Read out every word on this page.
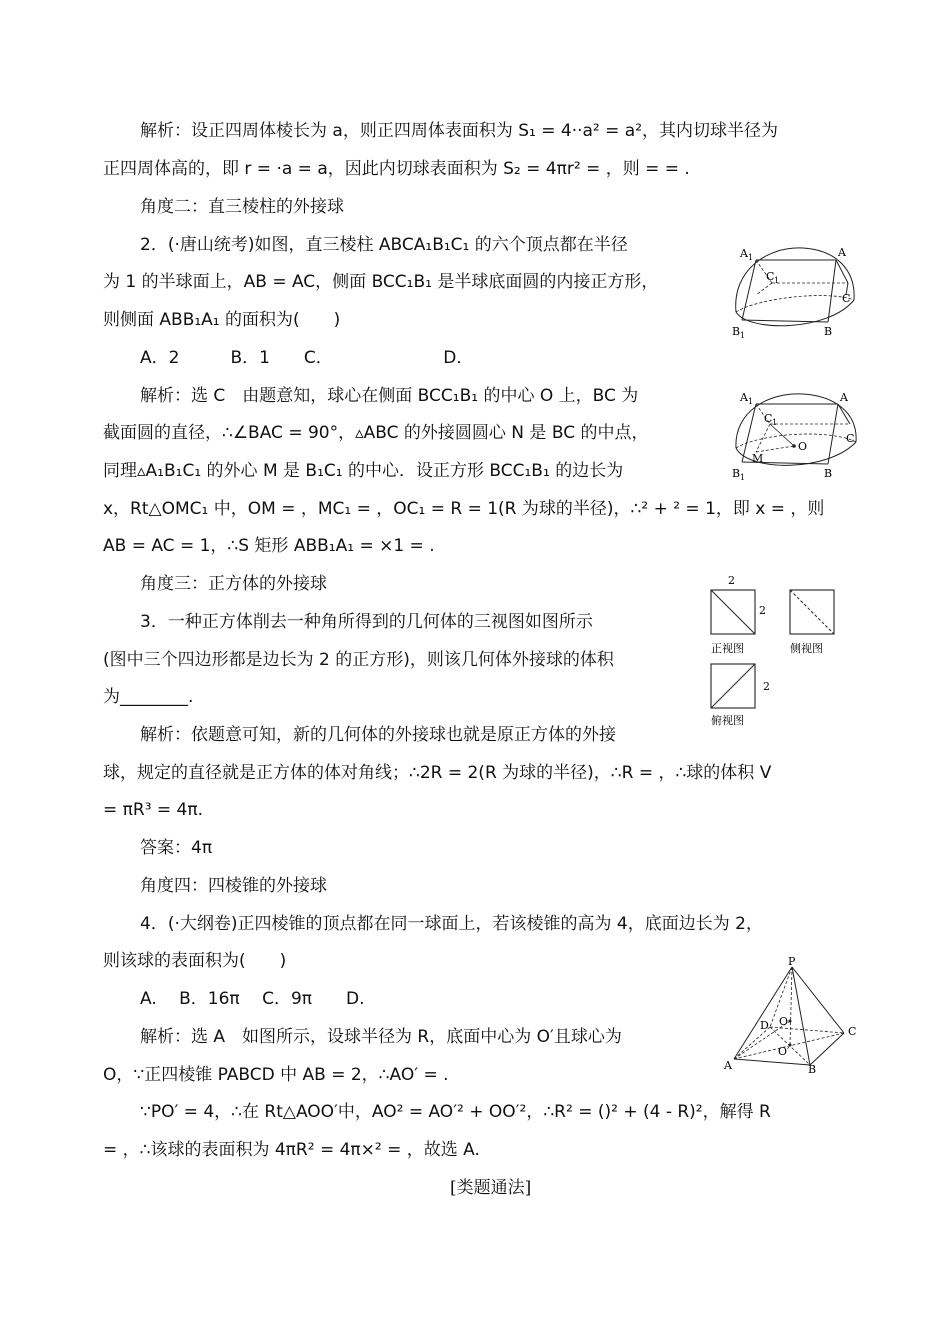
解析：设正四周体棱长为 a，则正四周体表面积为 S₁ = 4··a² = a²，其内切球半径为
正四周体高的，即 r = ·a = a，因此内切球表面积为 S₂ = 4πr² = ，则 = = .
角度二：直三棱柱的外接球
2．(·唐山统考)如图，直三棱柱 ABCA₁B₁C₁ 的六个顶点都在半径
为 1 的半球面上，AB = AC，侧面 BCC₁B₁ 是半球底面圆的内接正方形，
则侧面 ABB₁A₁ 的面积为(　　)
A．2　　　B．1　　C．　　　　　　　D．
解析：选 C　由题意知，球心在侧面 BCC₁B₁ 的中心 O 上，BC 为
截面圆的直径，∴∠BAC = 90°，▵ABC 的外接圆圆心 N 是 BC 的中点，
同理▵A₁B₁C₁ 的外心 M 是 B₁C₁ 的中心．设正方形 BCC₁B₁ 的边长为
x，Rt△OMC₁ 中，OM = ，MC₁ = ，OC₁ = R = 1(R 为球的半径)，∴² + ² = 1，即 x = ，则
AB = AC = 1，∴S 矩形 ABB₁A₁ = ×1 = .
角度三：正方体的外接球
3．一种正方体削去一种角所得到的几何体的三视图如图所示
(图中三个四边形都是边长为 2 的正方形)，则该几何体外接球的体积
为________.
解析：依题意可知，新的几何体的外接球也就是原正方体的外接
球，规定的直径就是正方体的体对角线；∴2R = 2(R 为球的半径)，∴R = ，∴球的体积 V
= πR³ = 4π.
答案：4π
角度四：四棱锥的外接球
4．(·大纲卷)正四棱锥的顶点都在同一球面上，若该棱锥的高为 4，底面边长为 2，
则该球的表面积为(　　)
A.　 B．16π　 C．9π　　D.
解析：选 A　如图所示，设球半径为 R，底面中心为 O′且球心为
O，∵正四棱锥 PABCD 中 AB = 2，∴AO′ = .
∵PO′ = 4，∴在 Rt△AOO′中，AO² = AO′² + OO′²，∴R² = ()² + (4 - R)²，解得 R
= ，∴该球的表面积为 4πR² = 4π×² = ，故选 A.
[类题通法]
A 1	A
C 1
C
B 1	B
A 1	A
C 1
C
M
O
B 1	B
2
2
正视图	侧视图
2
俯视图
P
D O
C
O′
A	B
